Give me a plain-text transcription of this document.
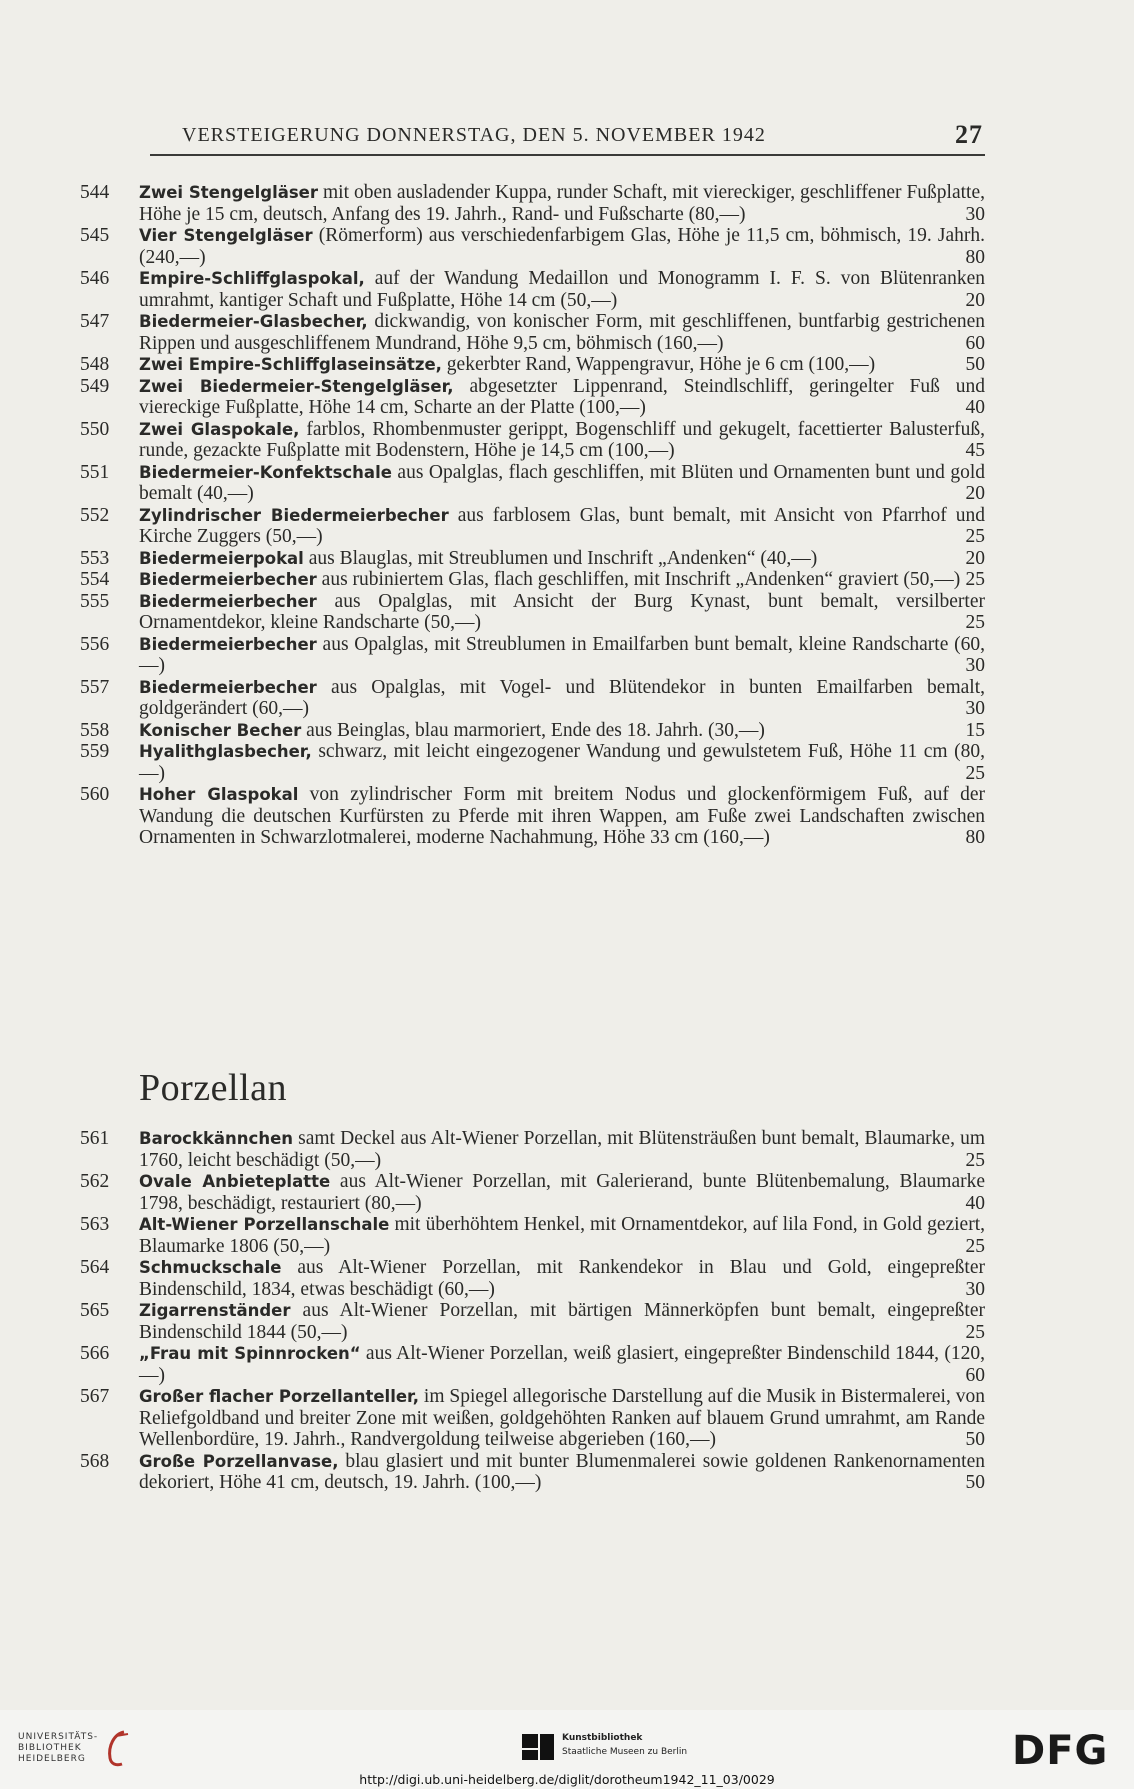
VERSTEIGERUNG DONNERSTAG, DEN 5. NOVEMBER 1942	27
544	Zwei Stengelgläser mit oben ausladender Kuppa, runder Schaft, mit viereckiger, geschliffener Fußplatte, Höhe je 15 cm, deutsch, Anfang des 19. Jahrh., Rand- und Fußscharte (80,—)	30
545	Vier Stengelgläser (Römerform) aus verschiedenfarbigem Glas, Höhe je 11,5 cm, böhmisch, 19. Jahrh. (240,—)	80
546	Empire-Schliffglaspokal, auf der Wandung Medaillon und Monogramm I. F. S. von Blütenranken umrahmt, kantiger Schaft und Fußplatte, Höhe 14 cm (50,—)	20
547	Biedermeier-Glasbecher, dickwandig, von konischer Form, mit geschliffenen, buntfarbig gestrichenen Rippen und ausgeschliffenem Mundrand, Höhe 9,5 cm, böhmisch (160,—)	60
548	Zwei Empire-Schliffglaseinsätze, gekerbter Rand, Wappengravur, Höhe je 6 cm (100,—)	50
549	Zwei Biedermeier-Stengelgläser, abgesetzter Lippenrand, Steindlschliff, geringelter Fuß und viereckige Fußplatte, Höhe 14 cm, Scharte an der Platte (100,—)	40
550	Zwei Glaspokale, farblos, Rhombenmuster gerippt, Bogenschliff und gekugelt, facettierter Balusterfuß, runde, gezackte Fußplatte mit Bodenstern, Höhe je 14,5 cm (100,—)	45
551	Biedermeier-Konfektschale aus Opalglas, flach geschliffen, mit Blüten und Ornamenten bunt und gold bemalt (40,—)	20
552	Zylindrischer Biedermeierbecher aus farblosem Glas, bunt bemalt, mit Ansicht von Pfarrhof und Kirche Zuggers (50,—)	25
553	Biedermeierpokal aus Blauglas, mit Streublumen und Inschrift „Andenken“ (40,—)	20
554	Biedermeierbecher aus rubiniertem Glas, flach geschliffen, mit Inschrift „Andenken“ graviert (50,—) 25
555	Biedermeierbecher aus Opalglas, mit Ansicht der Burg Kynast, bunt bemalt, versilberter Ornamentdekor, kleine Randscharte (50,—)	25
556	Biedermeierbecher aus Opalglas, mit Streublumen in Emailfarben bunt bemalt, kleine Randscharte (60,—)	30
557	Biedermeierbecher aus Opalglas, mit Vogel- und Blütendekor in bunten Emailfarben bemalt, goldgerändert (60,—)	30
558	Konischer Becher aus Beinglas, blau marmoriert, Ende des 18. Jahrh. (30,—)	15
559	Hyalithglasbecher, schwarz, mit leicht eingezogener Wandung und gewulstetem Fuß, Höhe 11 cm (80,—)	25
560	Hoher Glaspokal von zylindrischer Form mit breitem Nodus und glockenförmigem Fuß, auf der Wandung die deutschen Kurfürsten zu Pferde mit ihren Wappen, am Fuße zwei Landschaften zwischen Ornamenten in Schwarzlotmalerei, moderne Nachahmung, Höhe 33 cm (160,—)	80
Porzellan
561	Barockkännchen samt Deckel aus Alt-Wiener Porzellan, mit Blütensträußen bunt bemalt, Blaumarke, um 1760, leicht beschädigt (50,—)	25
562	Ovale Anbieteplatte aus Alt-Wiener Porzellan, mit Galerierand, bunte Blütenbemalung, Blaumarke 1798, beschädigt, restauriert (80,—)	40
563	Alt-Wiener Porzellanschale mit überhöhtem Henkel, mit Ornamentdekor, auf lila Fond, in Gold geziert, Blaumarke 1806 (50,—)	25
564	Schmuckschale aus Alt-Wiener Porzellan, mit Rankendekor in Blau und Gold, eingepreßter Bindenschild, 1834, etwas beschädigt (60,—)	30
565	Zigarrenständer aus Alt-Wiener Porzellan, mit bärtigen Männerköpfen bunt bemalt, eingepreßter Bindenschild 1844 (50,—)	25
566	„Frau mit Spinnrocken“ aus Alt-Wiener Porzellan, weiß glasiert, eingepreßter Bindenschild 1844, (120,—)	60
567	Großer flacher Porzellanteller, im Spiegel allegorische Darstellung auf die Musik in Bistermalerei, von Reliefgoldband und breiter Zone mit weißen, goldgehöhten Ranken auf blauem Grund umrahmt, am Rande Wellenbordüre, 19. Jahrh., Randvergoldung teilweise abgerieben (160,—)	50
568	Große Porzellanvase, blau glasiert und mit bunter Blumenmalerei sowie goldenen Rankenornamenten dekoriert, Höhe 41 cm, deutsch, 19. Jahrh. (100,—)	50
UNIVERSITÄTS-
BIBLIOTHEK
HEIDELBERG
Kunstbibliothek
Staatliche Museen zu Berlin	DFG
http://digi.ub.uni-heidelberg.de/diglit/dorotheum1942_11_03/0029
